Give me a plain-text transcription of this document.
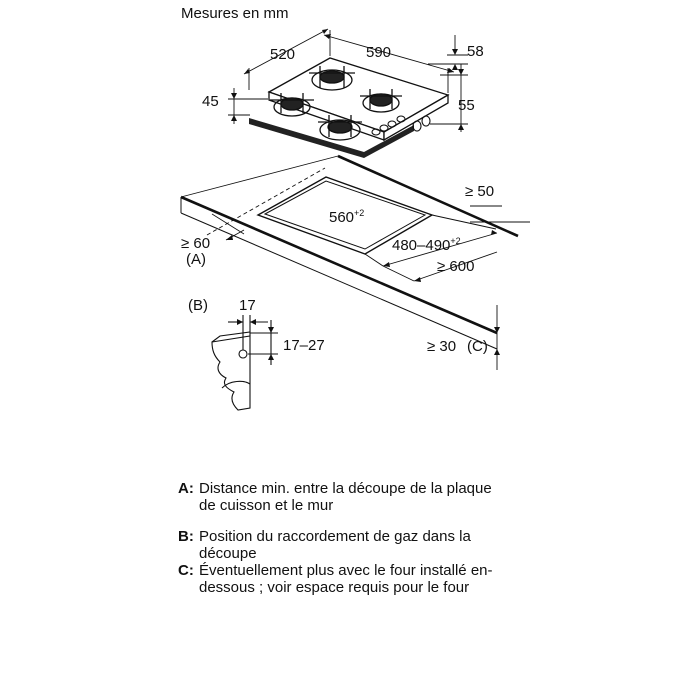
Mesures en mm
590
520
45
58
55
$560^{+2}$
$480-490^{+2}$
≥ 50
≥ 600
≥ 60
(A)
≥ 30 (C)
(B) 17
17–27
A: Distance min. entre la découpe de la plaque de cuisson et le mur
B: Position du raccordement de gaz dans la découpe
C: Éventuellement plus avec le four installé en-dessous ; voir espace requis pour le four
